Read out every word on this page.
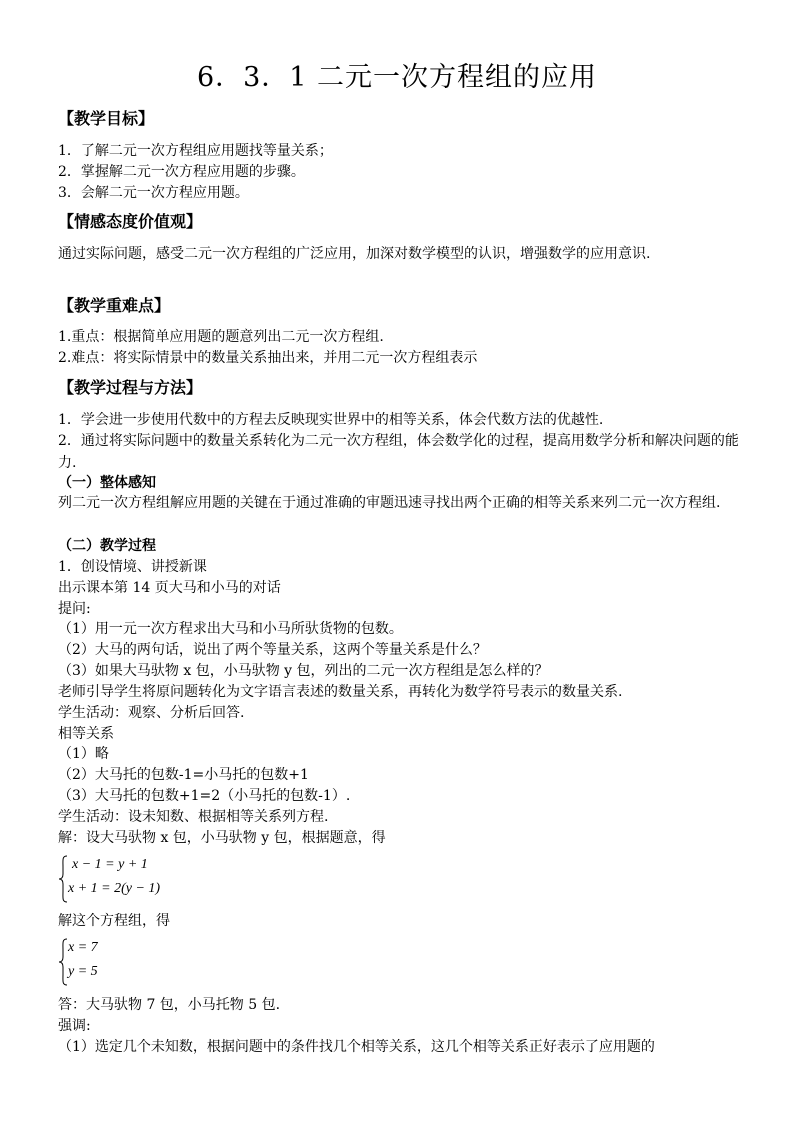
6．3．1 二元一次方程组的应用
【教学目标】
1．了解二元一次方程组应用题找等量关系；
2．掌握解二元一次方程应用题的步骤。
3．会解二元一次方程应用题。
【情感态度价值观】
通过实际问题，感受二元一次方程组的广泛应用，加深对数学模型的认识，增强数学的应用意识.
【教学重难点】
1.重点：根据简单应用题的题意列出二元一次方程组.
2.难点：将实际情景中的数量关系抽出来，并用二元一次方程组表示
【教学过程与方法】
1．学会进一步使用代数中的方程去反映现实世界中的相等关系，体会代数方法的优越性.
2．通过将实际问题中的数量关系转化为二元一次方程组，体会数学化的过程，提高用数学分析和解决问题的能力.
（一）整体感知
列二元一次方程组解应用题的关键在于通过准确的审题迅速寻找出两个正确的相等关系来列二元一次方程组.
（二）教学过程
1．创设情境、讲授新课
出示课本第 14 页大马和小马的对话
提问:
（1）用一元一次方程求出大马和小马所驮货物的包数。
（2）大马的两句话，说出了两个等量关系，这两个等量关系是什么？
（3）如果大马驮物 x 包，小马驮物 y 包，列出的二元一次方程组是怎么样的？
老师引导学生将原问题转化为文字语言表述的数量关系，再转化为数学符号表示的数量关系.
学生活动：观察、分析后回答.
相等关系
（1）略
（2）大马托的包数-1=小马托的包数+1
（3）大马托的包数+1=2（小马托的包数-1）.
学生活动：设未知数、根据相等关系列方程.
解：设大马驮物 x 包，小马驮物 y 包，根据题意，得
x − 1 = y + 1
x + 1 = 2(y − 1)
解这个方程组，得
x = 7
y = 5
答：大马驮物 7 包，小马托物 5 包.
强调:
（1）选定几个未知数，根据问题中的条件找几个相等关系，这几个相等关系正好表示了应用题的
